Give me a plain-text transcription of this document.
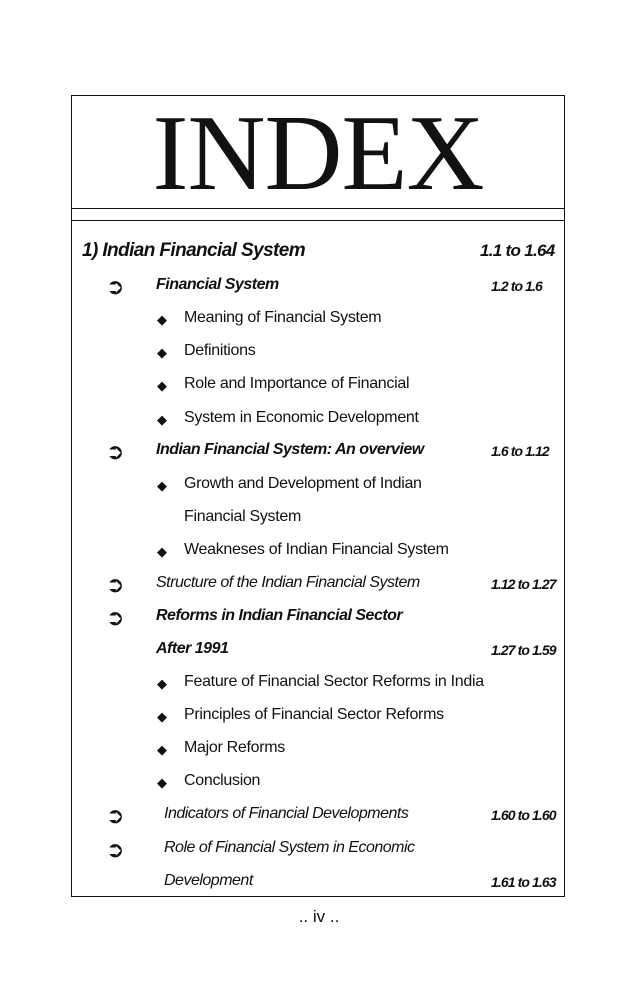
INDEX
1) Indian Financial System	1.1 to 1.64
➲ Financial System	1.2 to 1.6
◆ Meaning of Financial System
◆ Definitions
◆ Role and Importance of Financial
◆ System in Economic Development
➲ Indian Financial System: An overview	1.6 to 1.12
◆ Growth and Development of Indian
Financial System
◆ Weakneses of Indian Financial System
➲ Structure of the Indian Financial System	1.12 to 1.27
➲ Reforms in Indian Financial Sector
After 1991	1.27 to 1.59
◆ Feature of Financial Sector Reforms in India
◆ Principles of Financial Sector Reforms
◆ Major Reforms
◆ Conclusion
➲ Indicators of Financial Developments	1.60 to 1.60
➲ Role of Financial System in Economic
Development	1.61 to 1.63
.. iv ..
